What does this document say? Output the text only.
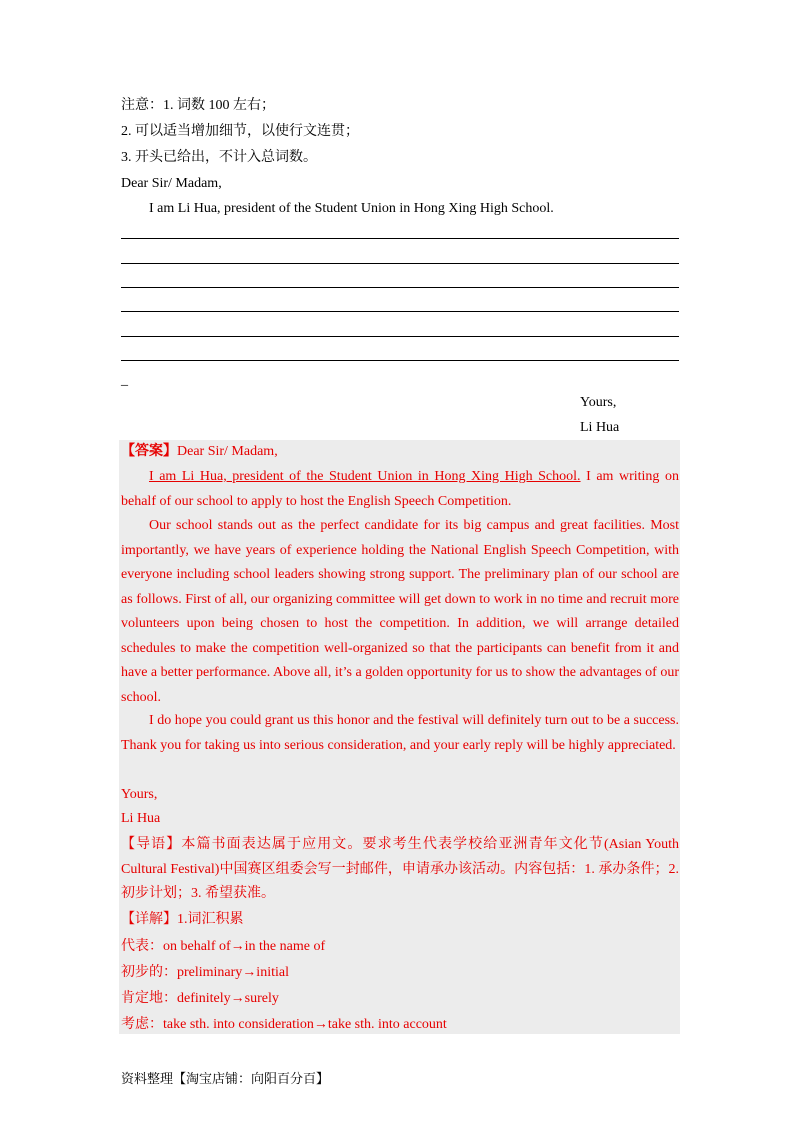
注意：1. 词数 100 左右；
2. 可以适当增加细节，以使行文连贯；
3. 开头已给出，不计入总词数。
Dear Sir/ Madam,
I am Li Hua, president of the Student Union in Hong Xing High School.
_
Yours,
Li Hua
【答案】Dear Sir/ Madam,
I am Li Hua, president of the Student Union in Hong Xing High School. I am writing on behalf of our school to apply to host the English Speech Competition.
Our school stands out as the perfect candidate for its big campus and great facilities. Most importantly, we have years of experience holding the National English Speech Competition, with everyone including school leaders showing strong support. The preliminary plan of our school are as follows. First of all, our organizing committee will get down to work in no time and recruit more volunteers upon being chosen to host the competition. In addition, we will arrange detailed schedules to make the competition well-organized so that the participants can benefit from it and have a better performance. Above all, it’s a golden opportunity for us to show the advantages of our school.
I do hope you could grant us this honor and the festival will definitely turn out to be a success. Thank you for taking us into serious consideration, and your early reply will be highly appreciated.
Yours,
Li Hua
【导语】本篇书面表达属于应用文。要求考生代表学校给亚洲青年文化节(Asian Youth Cultural Festival)中国赛区组委会写一封邮件，申请承办该活动。内容包括：1. 承办条件；2. 初步计划；3. 希望获准。
【详解】1.词汇积累
代表：on behalf of→in the name of
初步的：preliminary→initial
肯定地：definitely→surely
考虑：take sth. into consideration→take sth. into account
资料整理【淘宝店铺：向阳百分百】
